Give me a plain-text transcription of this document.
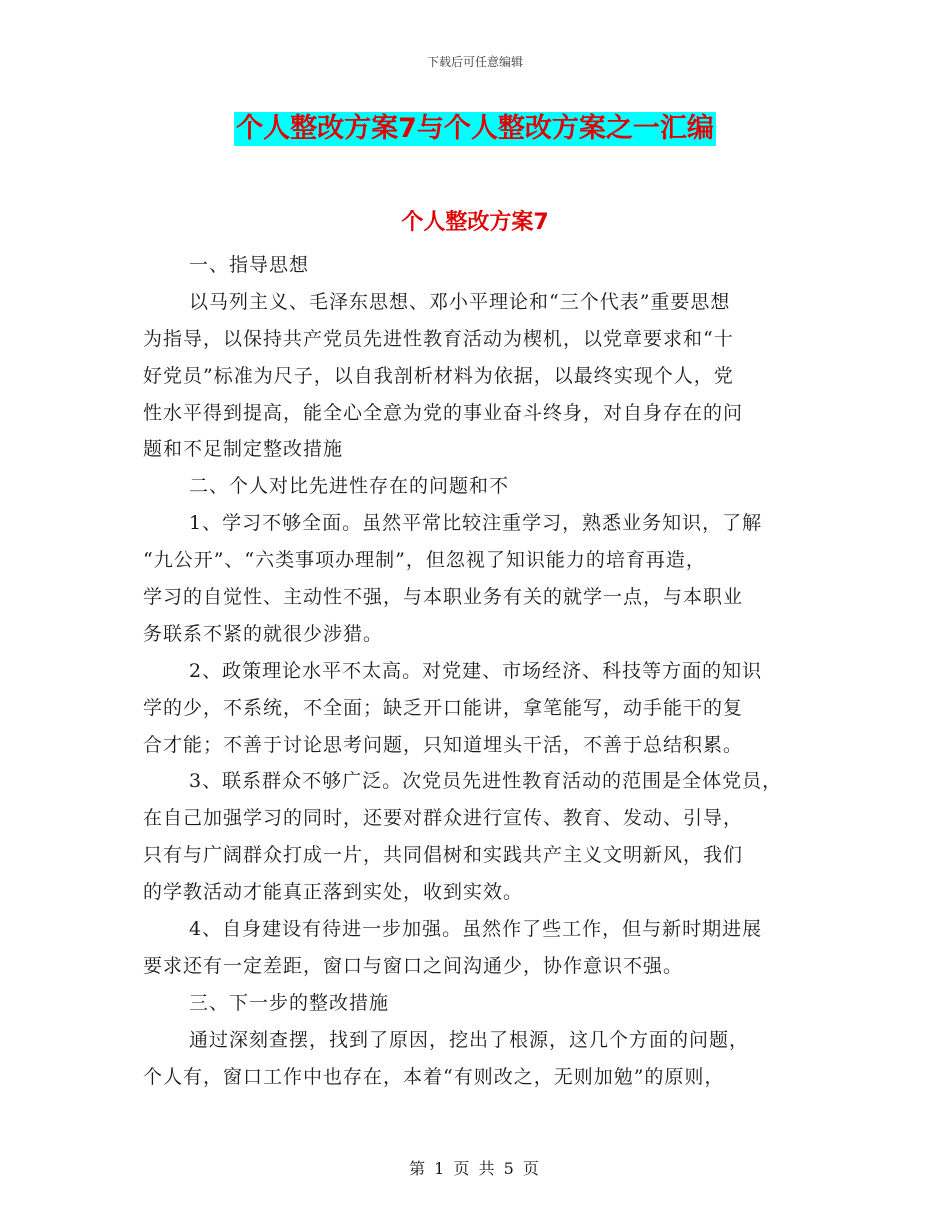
下载后可任意编辑
个人整改方案7与个人整改方案之一汇编
个人整改方案7
一、指导思想
以马列主义、毛泽东思想、邓小平理论和“三个代表”重要思想
为指导，以保持共产党员先进性教育活动为楔机，以党章要求和“十
好党员”标准为尺子，以自我剖析材料为依据，以最终实现个人，党
性水平得到提高，能全心全意为党的事业奋斗终身，对自身存在的问
题和不足制定整改措施
二、个人对比先进性存在的问题和不
1、学习不够全面。虽然平常比较注重学习，熟悉业务知识，了解
“九公开”、“六类事项办理制”，但忽视了知识能力的培育再造，
学习的自觉性、主动性不强，与本职业务有关的就学一点，与本职业
务联系不紧的就很少涉猎。
2、政策理论水平不太高。对党建、市场经济、科技等方面的知识
学的少，不系统，不全面；缺乏开口能讲，拿笔能写，动手能干的复
合才能；不善于讨论思考问题，只知道埋头干活，不善于总结积累。
3、联系群众不够广泛。次党员先进性教育活动的范围是全体党员，
在自己加强学习的同时，还要对群众进行宣传、教育、发动、引导，
只有与广阔群众打成一片，共同倡树和实践共产主义文明新风，我们
的学教活动才能真正落到实处，收到实效。
4、自身建设有待进一步加强。虽然作了些工作，但与新时期进展
要求还有一定差距，窗口与窗口之间沟通少，协作意识不强。
三、下一步的整改措施
通过深刻查摆，找到了原因，挖出了根源，这几个方面的问题，
个人有，窗口工作中也存在，本着“有则改之，无则加勉”的原则，
第 1 页 共 5 页
